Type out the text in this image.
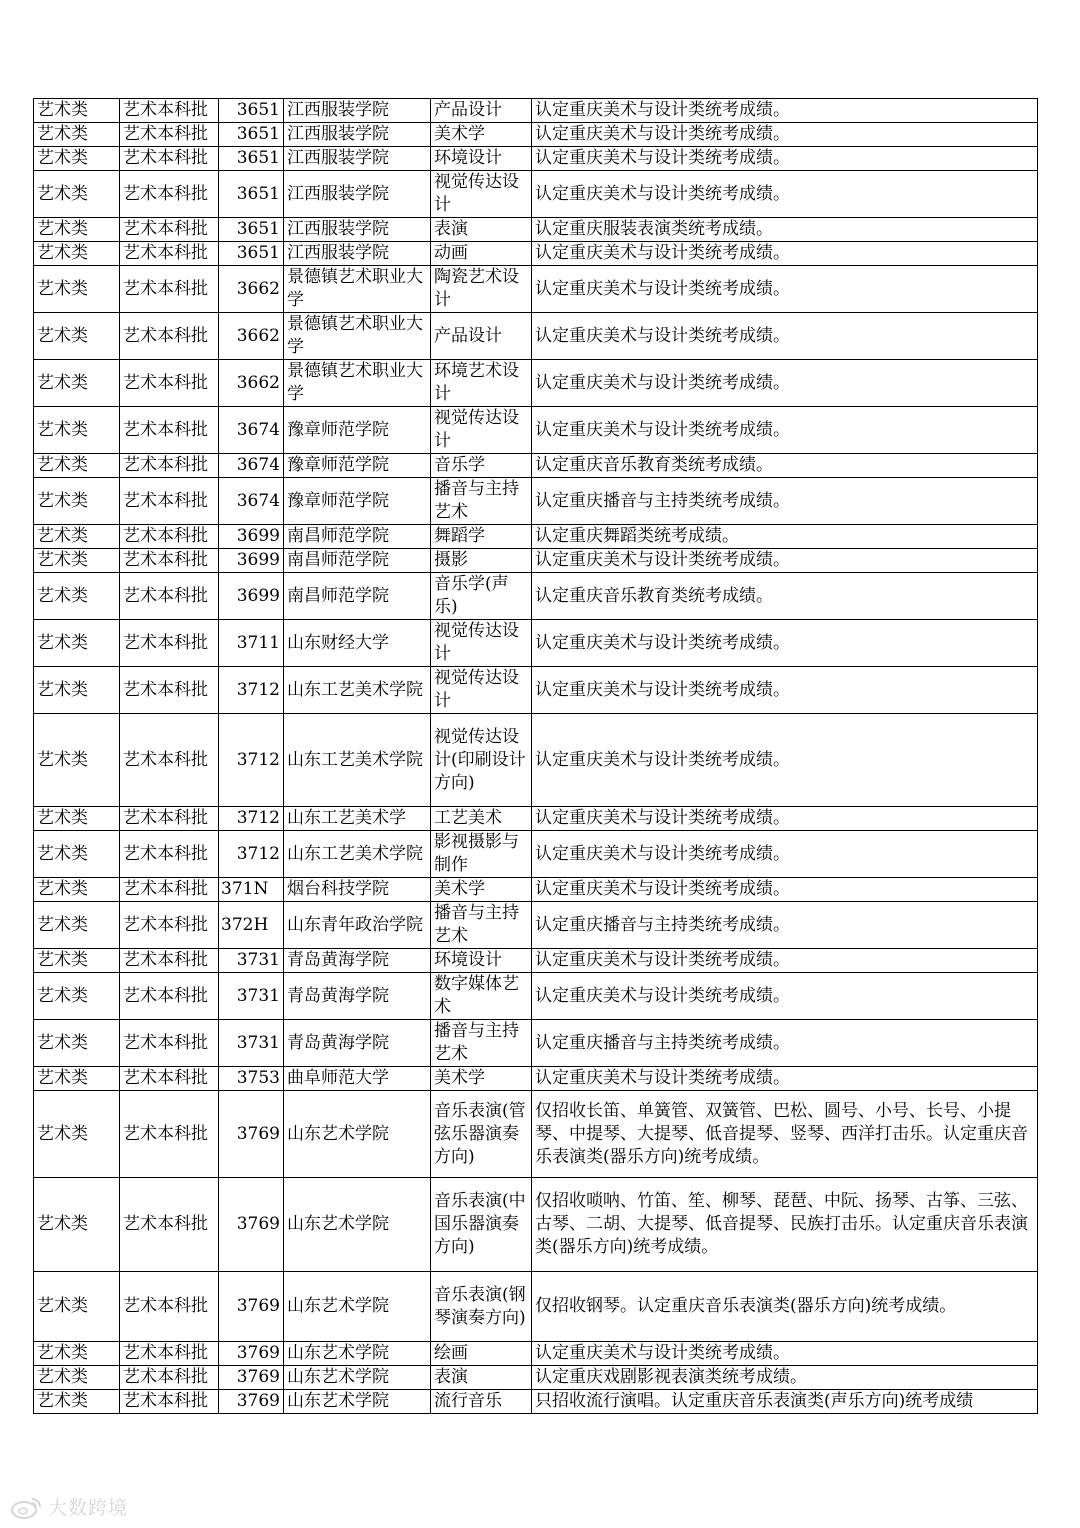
艺术类	艺术本科批	3651	江西服装学院	产品设计	认定重庆美术与设计类统考成绩。
艺术类	艺术本科批	3651	江西服装学院	美术学	认定重庆美术与设计类统考成绩。
艺术类	艺术本科批	3651	江西服装学院	环境设计	认定重庆美术与设计类统考成绩。
艺术类	艺术本科批	3651	江西服装学院	视觉传达设计	认定重庆美术与设计类统考成绩。
艺术类	艺术本科批	3651	江西服装学院	表演	认定重庆服装表演类统考成绩。
艺术类	艺术本科批	3651	江西服装学院	动画	认定重庆美术与设计类统考成绩。
艺术类	艺术本科批	3662	景德镇艺术职业大学	陶瓷艺术设计	认定重庆美术与设计类统考成绩。
艺术类	艺术本科批	3662	景德镇艺术职业大学	产品设计	认定重庆美术与设计类统考成绩。
艺术类	艺术本科批	3662	景德镇艺术职业大学	环境艺术设计	认定重庆美术与设计类统考成绩。
艺术类	艺术本科批	3674	豫章师范学院	视觉传达设计	认定重庆美术与设计类统考成绩。
艺术类	艺术本科批	3674	豫章师范学院	音乐学	认定重庆音乐教育类统考成绩。
艺术类	艺术本科批	3674	豫章师范学院	播音与主持艺术	认定重庆播音与主持类统考成绩。
艺术类	艺术本科批	3699	南昌师范学院	舞蹈学	认定重庆舞蹈类统考成绩。
艺术类	艺术本科批	3699	南昌师范学院	摄影	认定重庆美术与设计类统考成绩。
艺术类	艺术本科批	3699	南昌师范学院	音乐学(声乐)	认定重庆音乐教育类统考成绩。
艺术类	艺术本科批	3711	山东财经大学	视觉传达设计	认定重庆美术与设计类统考成绩。
艺术类	艺术本科批	3712	山东工艺美术学院	视觉传达设计	认定重庆美术与设计类统考成绩。
艺术类	艺术本科批	3712	山东工艺美术学院	视觉传达设计(印刷设计方向)	认定重庆美术与设计类统考成绩。
艺术类	艺术本科批	3712	山东工艺美术学	工艺美术	认定重庆美术与设计类统考成绩。
艺术类	艺术本科批	3712	山东工艺美术学院	影视摄影与制作	认定重庆美术与设计类统考成绩。
艺术类	艺术本科批	371N	烟台科技学院	美术学	认定重庆美术与设计类统考成绩。
艺术类	艺术本科批	372H	山东青年政治学院	播音与主持艺术	认定重庆播音与主持类统考成绩。
艺术类	艺术本科批	3731	青岛黄海学院	环境设计	认定重庆美术与设计类统考成绩。
艺术类	艺术本科批	3731	青岛黄海学院	数字媒体艺术	认定重庆美术与设计类统考成绩。
艺术类	艺术本科批	3731	青岛黄海学院	播音与主持艺术	认定重庆播音与主持类统考成绩。
艺术类	艺术本科批	3753	曲阜师范大学	美术学	认定重庆美术与设计类统考成绩。
艺术类	艺术本科批	3769	山东艺术学院	音乐表演(管弦乐器演奏方向)	仅招收长笛、单簧管、双簧管、巴松、圆号、小号、长号、小提琴、中提琴、大提琴、低音提琴、竖琴、西洋打击乐。认定重庆音乐表演类(器乐方向)统考成绩。
艺术类	艺术本科批	3769	山东艺术学院	音乐表演(中国乐器演奏方向)	仅招收唢呐、竹笛、笙、柳琴、琵琶、中阮、扬琴、古筝、三弦、古琴、二胡、大提琴、低音提琴、民族打击乐。认定重庆音乐表演类(器乐方向)统考成绩。
艺术类	艺术本科批	3769	山东艺术学院	音乐表演(钢琴演奏方向)	仅招收钢琴。认定重庆音乐表演类(器乐方向)统考成绩。
艺术类	艺术本科批	3769	山东艺术学院	绘画	认定重庆美术与设计类统考成绩。
艺术类	艺术本科批	3769	山东艺术学院	表演	认定重庆戏剧影视表演类统考成绩。
艺术类	艺术本科批	3769	山东艺术学院	流行音乐	只招收流行演唱。认定重庆音乐表演类(声乐方向)统考成绩
大数跨境
